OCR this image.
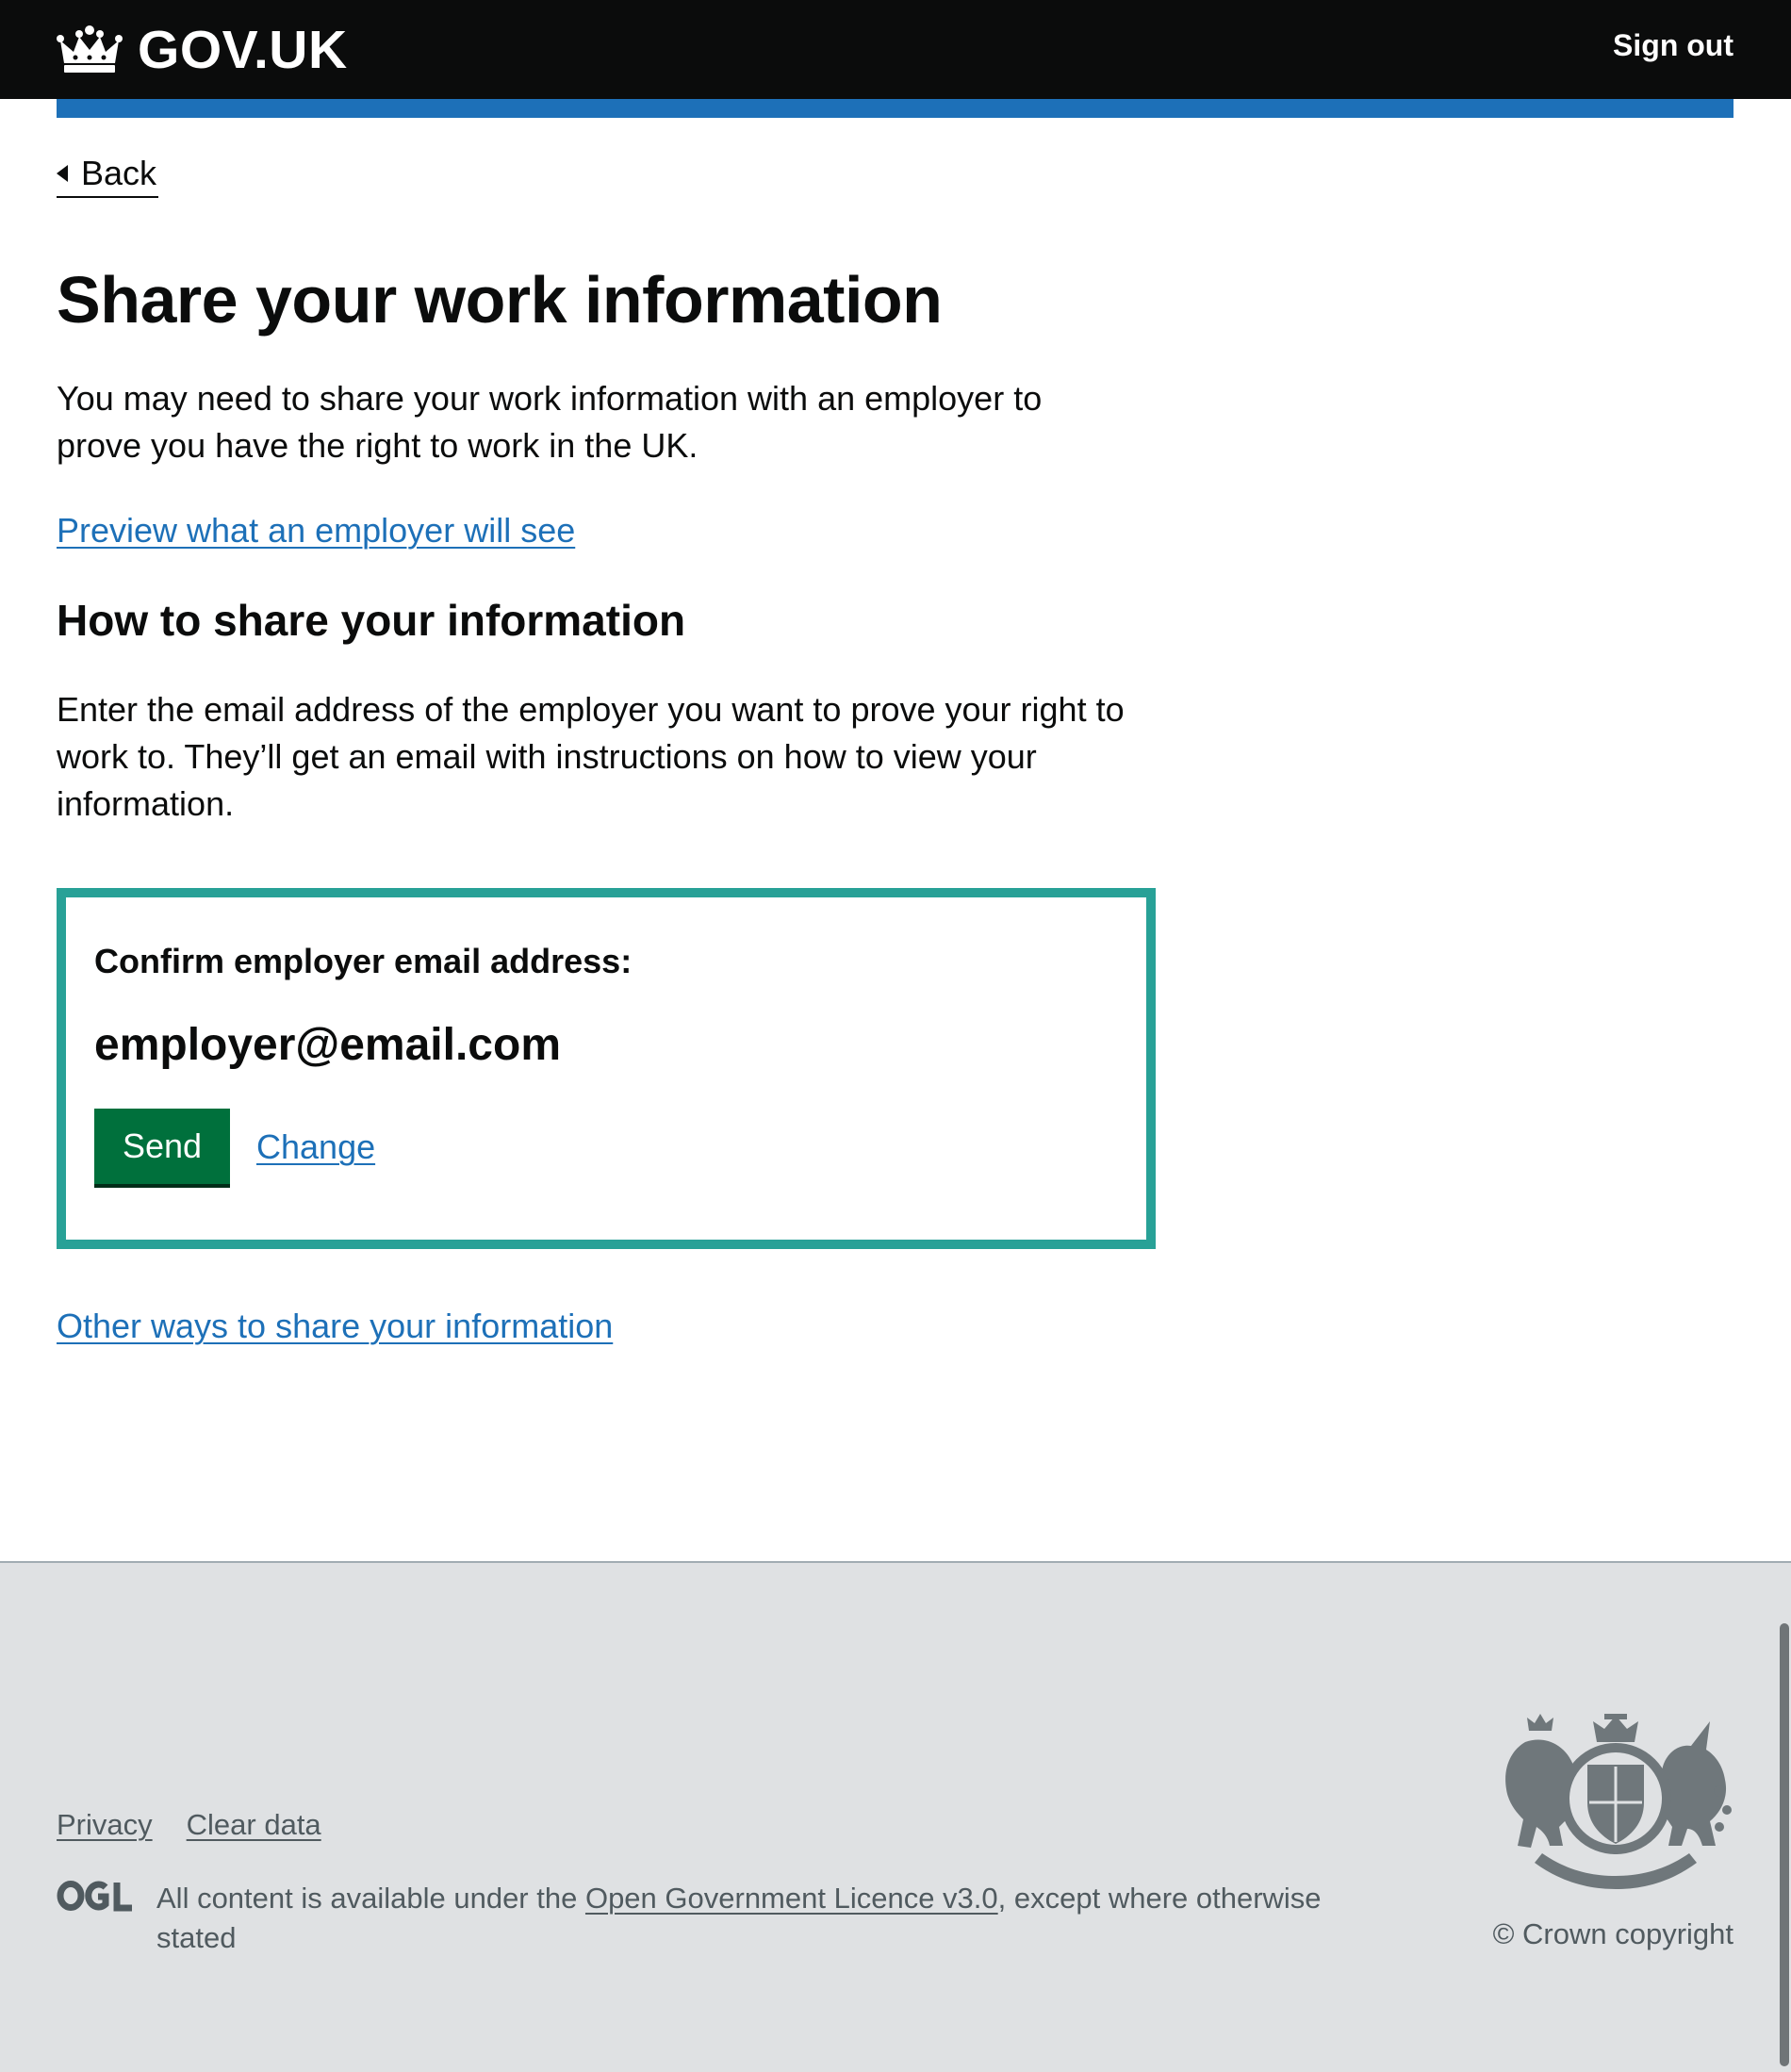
GOV.UK	Sign out
Back
Share your work information

You may need to share your work information with an employer to prove you have the right to work in the UK.

Preview what an employer will see
How to share your information

Enter the email address of the employer you want to prove your right to work to. They’ll get an email with instructions on how to view your information.

Confirm employer email address:
employer@email.com
Send	Change
Other ways to share your information
Privacy Clear data

All content is available under the Open Government Licence v3.0, except where otherwise stated	© Crown copyright
